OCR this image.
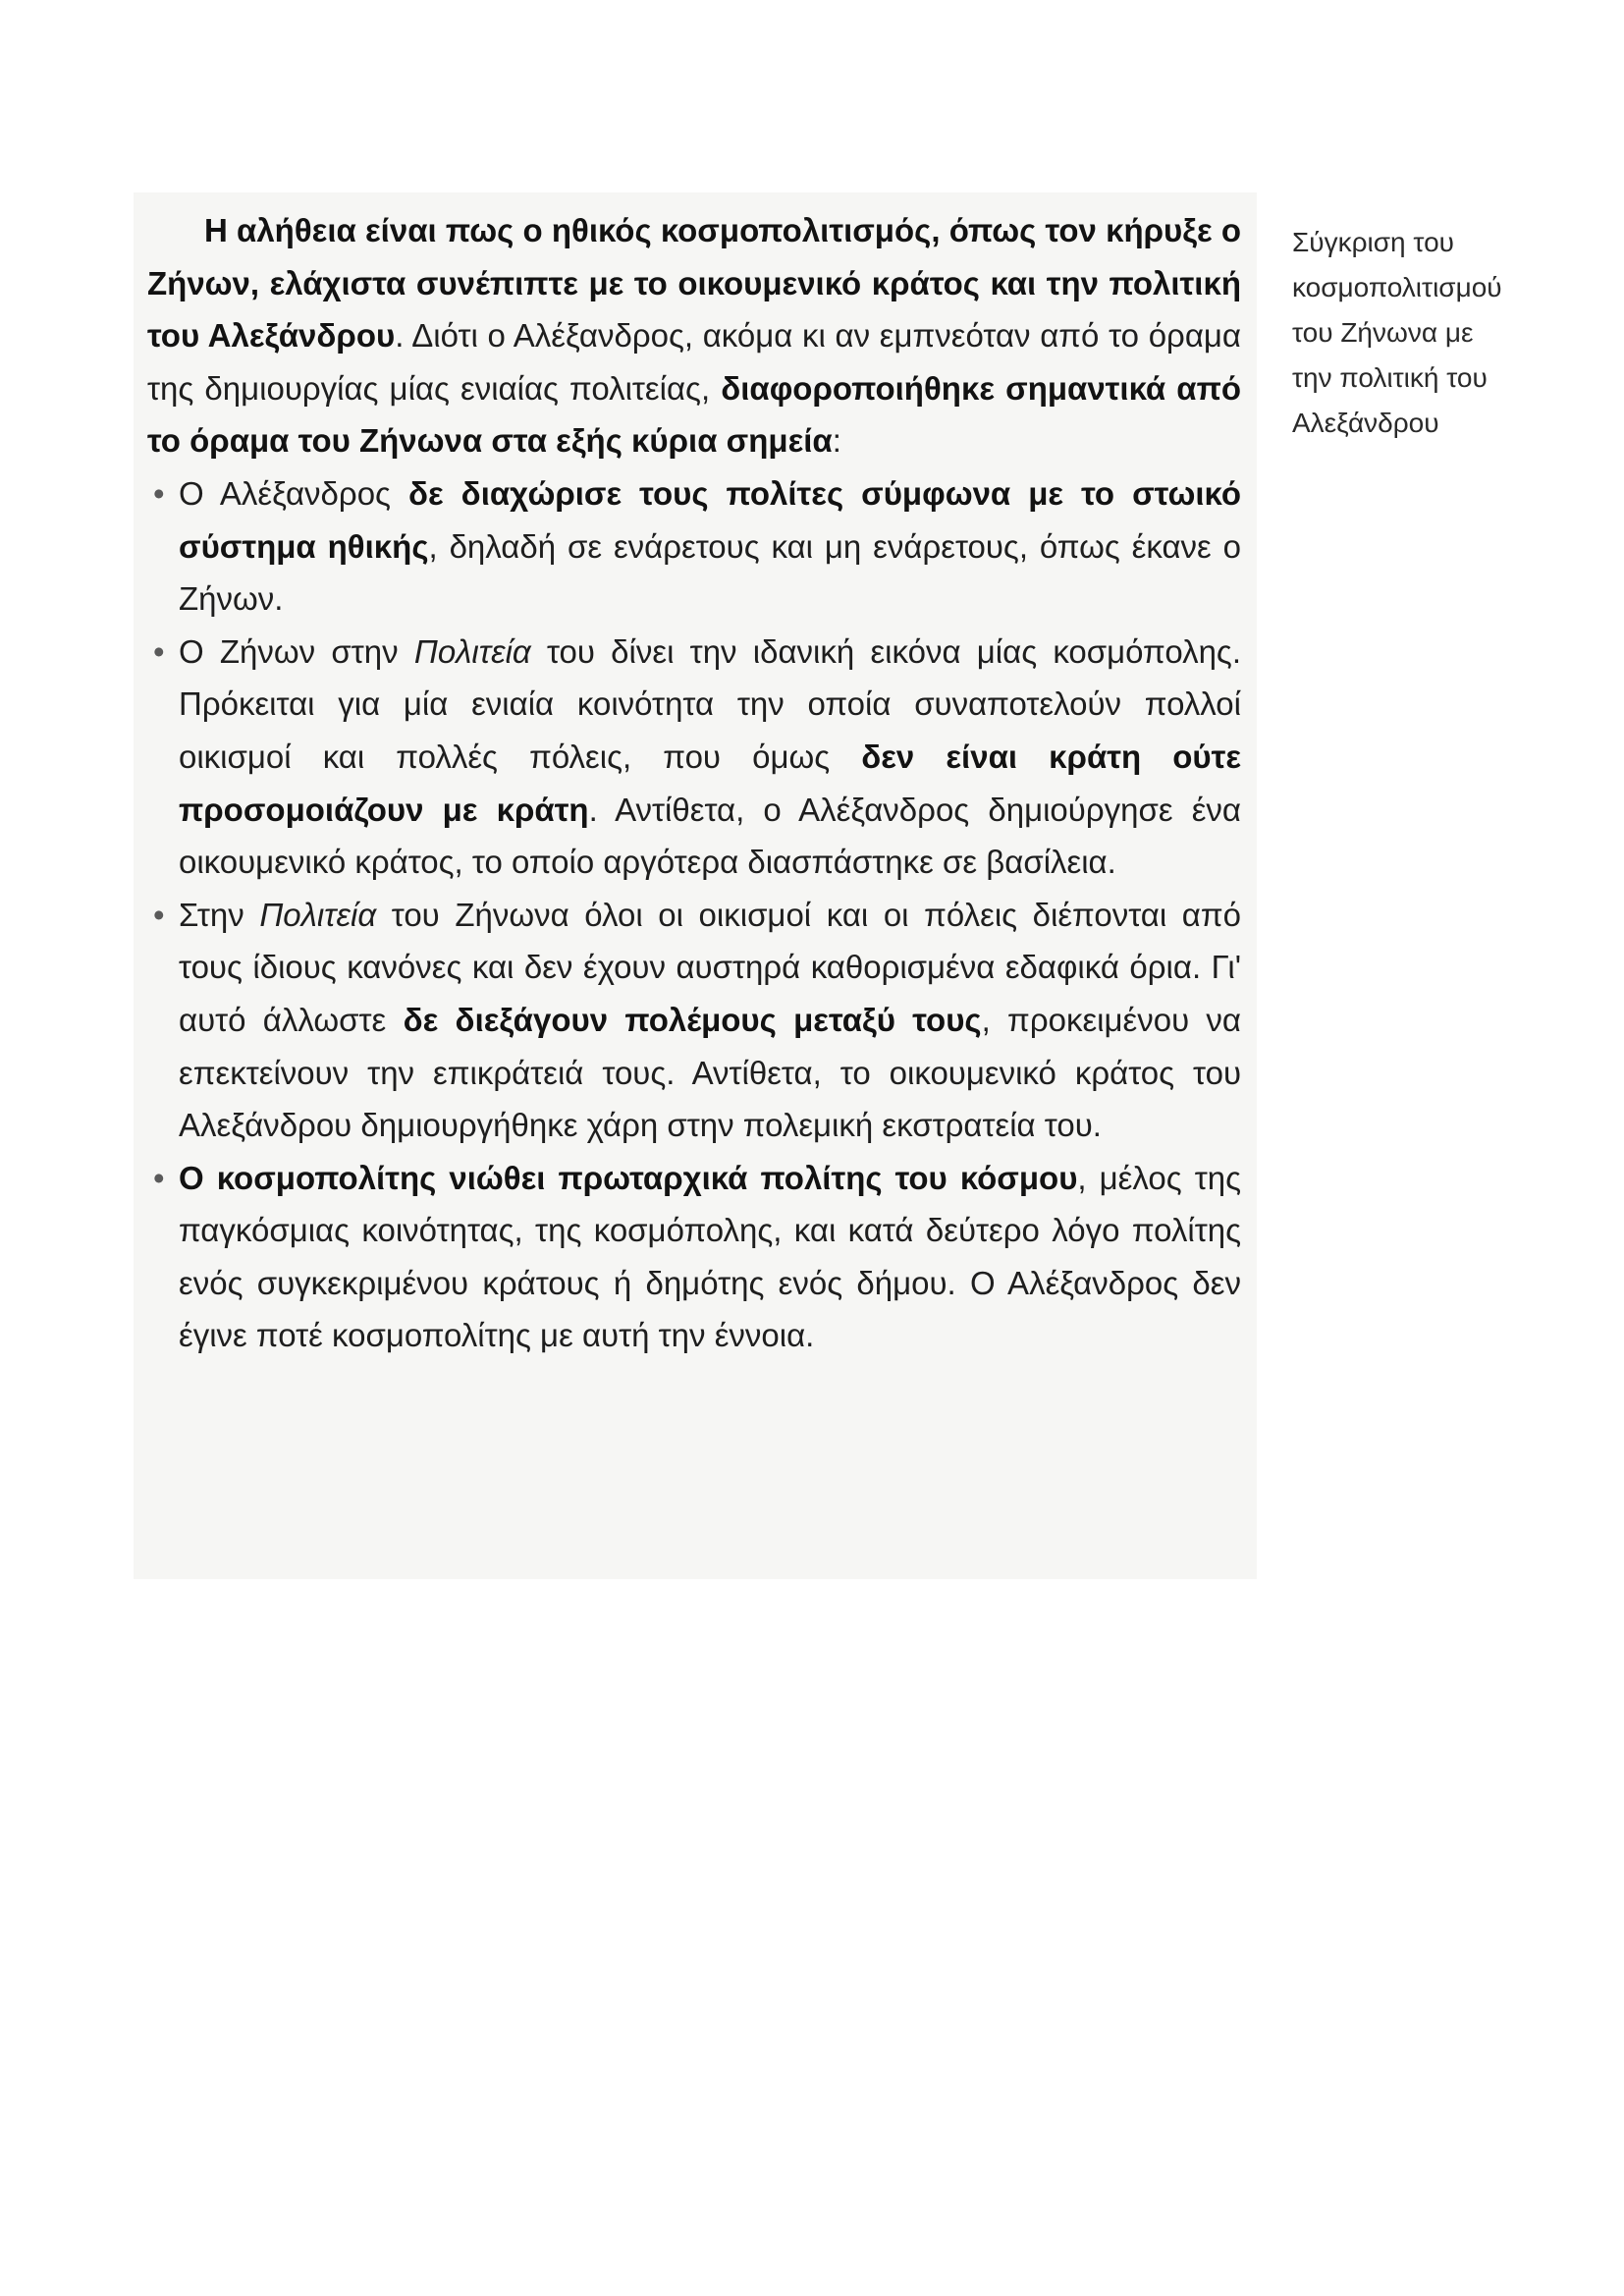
Η αλήθεια είναι πως ο ηθικός κοσμοπολιτισμός, όπως τον κήρυξε ο Ζήνων, ελάχιστα συνέπιπτε με το οικουμενικό κράτος και την πολιτική του Αλεξάνδρου. Διότι ο Αλέξανδρος, ακόμα κι αν εμπνεόταν από το όραμα της δημιουργίας μίας ενιαίας πολιτείας, διαφοροποιήθηκε σημαντικά από το όραμα του Ζήνωνα στα εξής κύρια σημεία:

• Ο Αλέξανδρος δε διαχώρισε τους πολίτες σύμφωνα με το στωικό σύστημα ηθικής, δηλαδή σε ενάρετους και μη ενάρετους, όπως έκανε ο Ζήνων.
• Ο Ζήνων στην Πολιτεία του δίνει την ιδανική εικόνα μίας κοσμόπολης. Πρόκειται για μία ενιαία κοινότητα την οποία συναποτελούν πολλοί οικισμοί και πολλές πόλεις, που όμως δεν είναι κράτη ούτε προσομοιάζουν με κράτη. Αντίθετα, ο Αλέξανδρος δημιούργησε ένα οικουμενικό κράτος, το οποίο αργότερα διασπάστηκε σε βασίλεια.
• Στην Πολιτεία του Ζήνωνα όλοι οι οικισμοί και οι πόλεις διέπονται από τους ίδιους κανόνες και δεν έχουν αυστηρά καθορισμένα εδαφικά όρια. Γι' αυτό άλλωστε δε διεξάγουν πολέμους μεταξύ τους, προκειμένου να επεκτείνουν την επικράτειά τους. Αντίθετα, το οικουμενικό κράτος του Αλεξάνδρου δημιουργήθηκε χάρη στην πολεμική εκστρατεία του.
• Ο κοσμοπολίτης νιώθει πρωταρχικά πολίτης του κόσμου, μέλος της παγκόσμιας κοινότητας, της κοσμόπολης, και κατά δεύτερο λόγο πολίτης ενός συγκεκριμένου κράτους ή δημότης ενός δήμου. Ο Αλέξανδρος δεν έγινε ποτέ κοσμοπολίτης με αυτή την έννοια.

Σύγκριση του
κοσμοπολιτισμού
του Ζήνωνα με
την πολιτική του
Αλεξάνδρου
